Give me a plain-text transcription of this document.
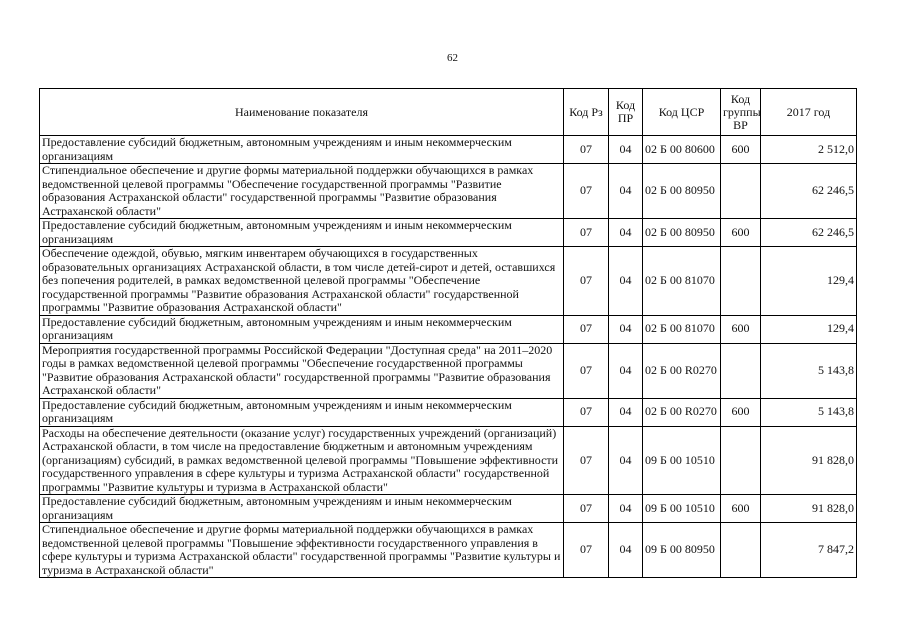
62
Наименование показателя	Код Рз	Код ПР	Код ЦСР	Код группы ВР	2017 год
Предоставление субсидий бюджетным, автономным учреждениям и иным некоммерческим организациям	07	04	02 Б 00 80600	600	2 512,0
Стипендиальное обеспечение и другие формы материальной поддержки обучающихся в рамках ведомственной целевой программы "Обеспечение государственной программы "Развитие образования Астраханской области" государственной программы "Развитие образования Астраханской области"	07	04	02 Б 00 80950		62 246,5
Предоставление субсидий бюджетным, автономным учреждениям и иным некоммерческим организациям	07	04	02 Б 00 80950	600	62 246,5
Обеспечение одеждой, обувью, мягким инвентарем обучающихся в государственных образовательных организациях Астраханской области, в том числе детей-сирот и детей, оставшихся без попечения родителей, в рамках ведомственной целевой программы "Обеспечение государственной программы "Развитие образования Астраханской области" государственной программы "Развитие образования Астраханской области"	07	04	02 Б 00 81070		129,4
Предоставление субсидий бюджетным, автономным учреждениям и иным некоммерческим организациям	07	04	02 Б 00 81070	600	129,4
Мероприятия государственной программы Российской Федерации "Доступная среда" на 2011–2020 годы в рамках ведомственной целевой программы "Обеспечение государственной программы "Развитие образования Астраханской области" государственной программы "Развитие образования Астраханской области"	07	04	02 Б 00 R0270		5 143,8
Предоставление субсидий бюджетным, автономным учреждениям и иным некоммерческим организациям	07	04	02 Б 00 R0270	600	5 143,8
Расходы на обеспечение деятельности (оказание услуг) государственных учреждений (организаций) Астраханской области, в том числе на предоставление бюджетным и автономным учреждениям (организациям) субсидий, в рамках ведомственной целевой программы "Повышение эффективности государственного управления в сфере культуры и туризма Астраханской области" государственной программы "Развитие культуры и туризма в Астраханской области"	07	04	09 Б 00 10510		91 828,0
Предоставление субсидий бюджетным, автономным учреждениям и иным некоммерческим организациям	07	04	09 Б 00 10510	600	91 828,0
Стипендиальное обеспечение и другие формы материальной поддержки обучающихся в рамках ведомственной целевой программы "Повышение эффективности государственного управления в сфере культуры и туризма Астраханской области" государственной программы "Развитие культуры и туризма в Астраханской области"	07	04	09 Б 00 80950		7 847,2
